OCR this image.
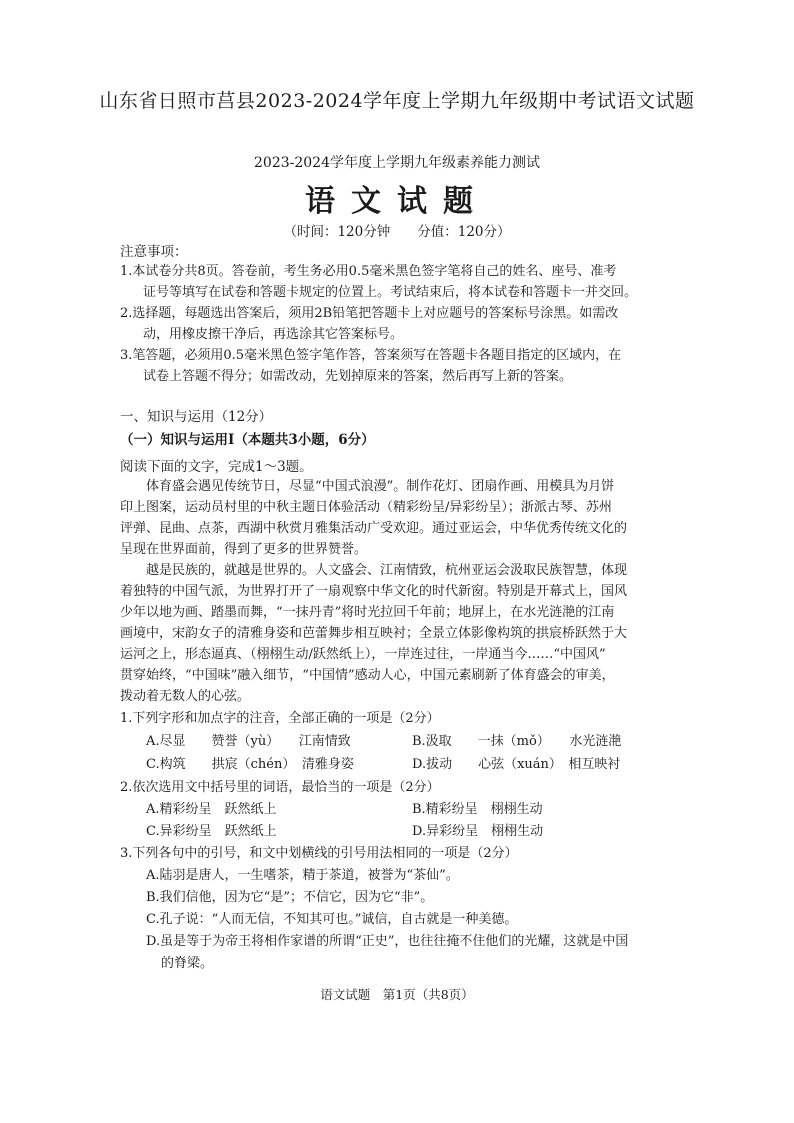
山东省日照市莒县2023-2024学年度上学期九年级期中考试语文试题
2023-2024学年度上学期九年级素养能力测试
语文试题
（时间：120分钟　　分值：120分）
注意事项：
1.本试卷分共8页。答卷前，考生务必用0.5毫米黑色签字笔将自己的姓名、座号、准考
证号等填写在试卷和答题卡规定的位置上。考试结束后，将本试卷和答题卡一并交回。
2.选择题，每题选出答案后，须用2B铅笔把答题卡上对应题号的答案标号涂黑。如需改
动，用橡皮擦干净后，再选涂其它答案标号。
3.笔答题，必须用0.5毫米黑色签字笔作答，答案须写在答题卡各题目指定的区域内，在
试卷上答题不得分；如需改动，先划掉原来的答案，然后再写上新的答案。
一、知识与运用（12分）
（一）知识与运用Ⅰ（本题共3小题，6分）
阅读下面的文字，完成1～3题。
体育盛会遇见传统节日，尽显“中国式浪漫”。制作花灯、团扇作画、用模具为月饼
印上图案，运动员村里的中秋主题日体验活动（精彩纷呈/异彩纷呈）；浙派古琴、苏州
评弹、昆曲、点茶，西湖中秋赏月雅集活动广受欢迎。通过亚运会，中华优秀传统文化的
呈现在世界面前，得到了更多的世界赞誉。
越是民族的，就越是世界的。人文盛会、江南情致，杭州亚运会汲取民族智慧，体现
着独特的中国气派，为世界打开了一扇观察中华文化的时代新窗。特别是开幕式上，国风
少年以地为画、踏墨而舞，“一抹丹青”将时光拉回千年前；地屏上，在水光涟滟的江南
画境中，宋韵女子的清雅身姿和芭蕾舞步相互映衬；全景立体影像构筑的拱宸桥跃然于大
运河之上，形态逼真、（栩栩生动/跃然纸上），一岸连过往，一岸通当今……“中国风”
贯穿始终，“中国味”融入细节，“中国情”感动人心，中国元素刷新了体育盛会的审美，
拨动着无数人的心弦。
1.下列字形和加点字的注音，全部正确的一项是（2分）
A.尽显　　赞誉（yù）　　江南情致	B.汲取　　一抹（mǒ）　　水光涟滟
C.构筑　　拱宸（chén）　清雅身姿	D.拔动　　心弦（xuán）　相互映衬
2.依次选用文中括号里的词语，最恰当的一项是（2分）
A.精彩纷呈　跃然纸上	B.精彩纷呈　栩栩生动
C.异彩纷呈　跃然纸上	D.异彩纷呈　栩栩生动
3.下列各句中的引号，和文中划横线的引号用法相同的一项是（2分）
A.陆羽是唐人，一生嗜茶，精于茶道，被誉为“茶仙”。
B.我们信他，因为它“是”；不信它，因为它“非”。
C.孔子说：“人而无信，不知其可也。”诚信，自古就是一种美德。
D.虽是等于为帝王将相作家谱的所谓“正史”，也往往掩不住他们的光耀，这就是中国
的脊梁。
语文试题　第1页（共8页）
